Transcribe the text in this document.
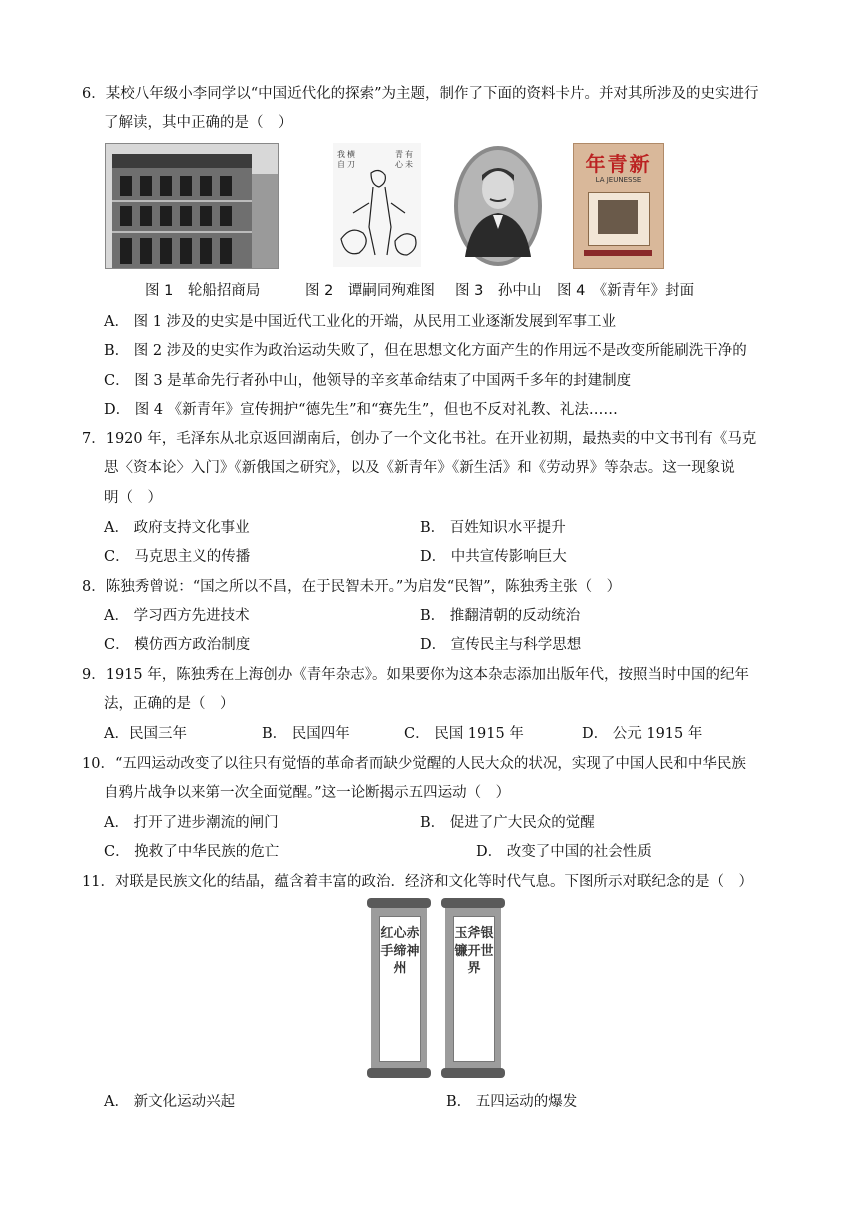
6．某校八年级小李同学以“中国近代化的探索”为主题，制作了下面的资料卡片。并对其所涉及的史实进行
了解读，其中正确的是（　）
青
心
有
未
我
自
横
刀	年青新
LA JEUNESSE
图 1　轮船招商局	图 2　谭嗣同殉难图 图 3　孙中山 图 4　《新青年》封面
A． 图 1 涉及的史实是中国近代工业化的开端，从民用工业逐渐发展到军事工业
B． 图 2 涉及的史实作为政治运动失败了，但在思想文化方面产生的作用远不是改变所能刷洗干净的
C． 图 3 是革命先行者孙中山，他领导的辛亥革命结束了中国两千多年的封建制度
D． 图 4 《新青年》宣传拥护“德先生”和“赛先生”，但也不反对礼教、礼法……
7．1920 年，毛泽东从北京返回湖南后，创办了一个文化书社。在开业初期，最热卖的中文书刊有《马克
思〈资本论〉入门》《新俄国之研究》，以及《新青年》《新生活》和《劳动界》等杂志。这一现象说
明（　）
A． 政府支持文化事业	B． 百姓知识水平提升
C． 马克思主义的传播	D． 中共宣传影响巨大
8．陈独秀曾说：“国之所以不昌，在于民智未开。”为启发“民智”，陈独秀主张（　）
A． 学习西方先进技术	B． 推翻清朝的反动统治
C． 模仿西方政治制度	D． 宣传民主与科学思想
9．1915 年，陈独秀在上海创办《青年杂志》。如果要你为这本杂志添加出版年代，按照当时中国的纪年
法，正确的是（　）
A．民国三年	B． 民国四年	C． 民国 1915 年	D． 公元 1915 年
10．“五四运动改变了以往只有觉悟的革命者而缺少觉醒的人民大众的状况，实现了中国人民和中华民族
自鸦片战争以来第一次全面觉醒。”这一论断揭示五四运动（　）
A． 打开了进步潮流的闸门	B． 促进了广大民众的觉醒
C． 挽救了中华民族的危亡	D． 改变了中国的社会性质
11．对联是民族文化的结晶，蕴含着丰富的政治．经济和文化等时代气息。下图所示对联纪念的是（　）
红心赤手缔神州
玉斧银镰开世界
A． 新文化运动兴起	B． 五四运动的爆发
